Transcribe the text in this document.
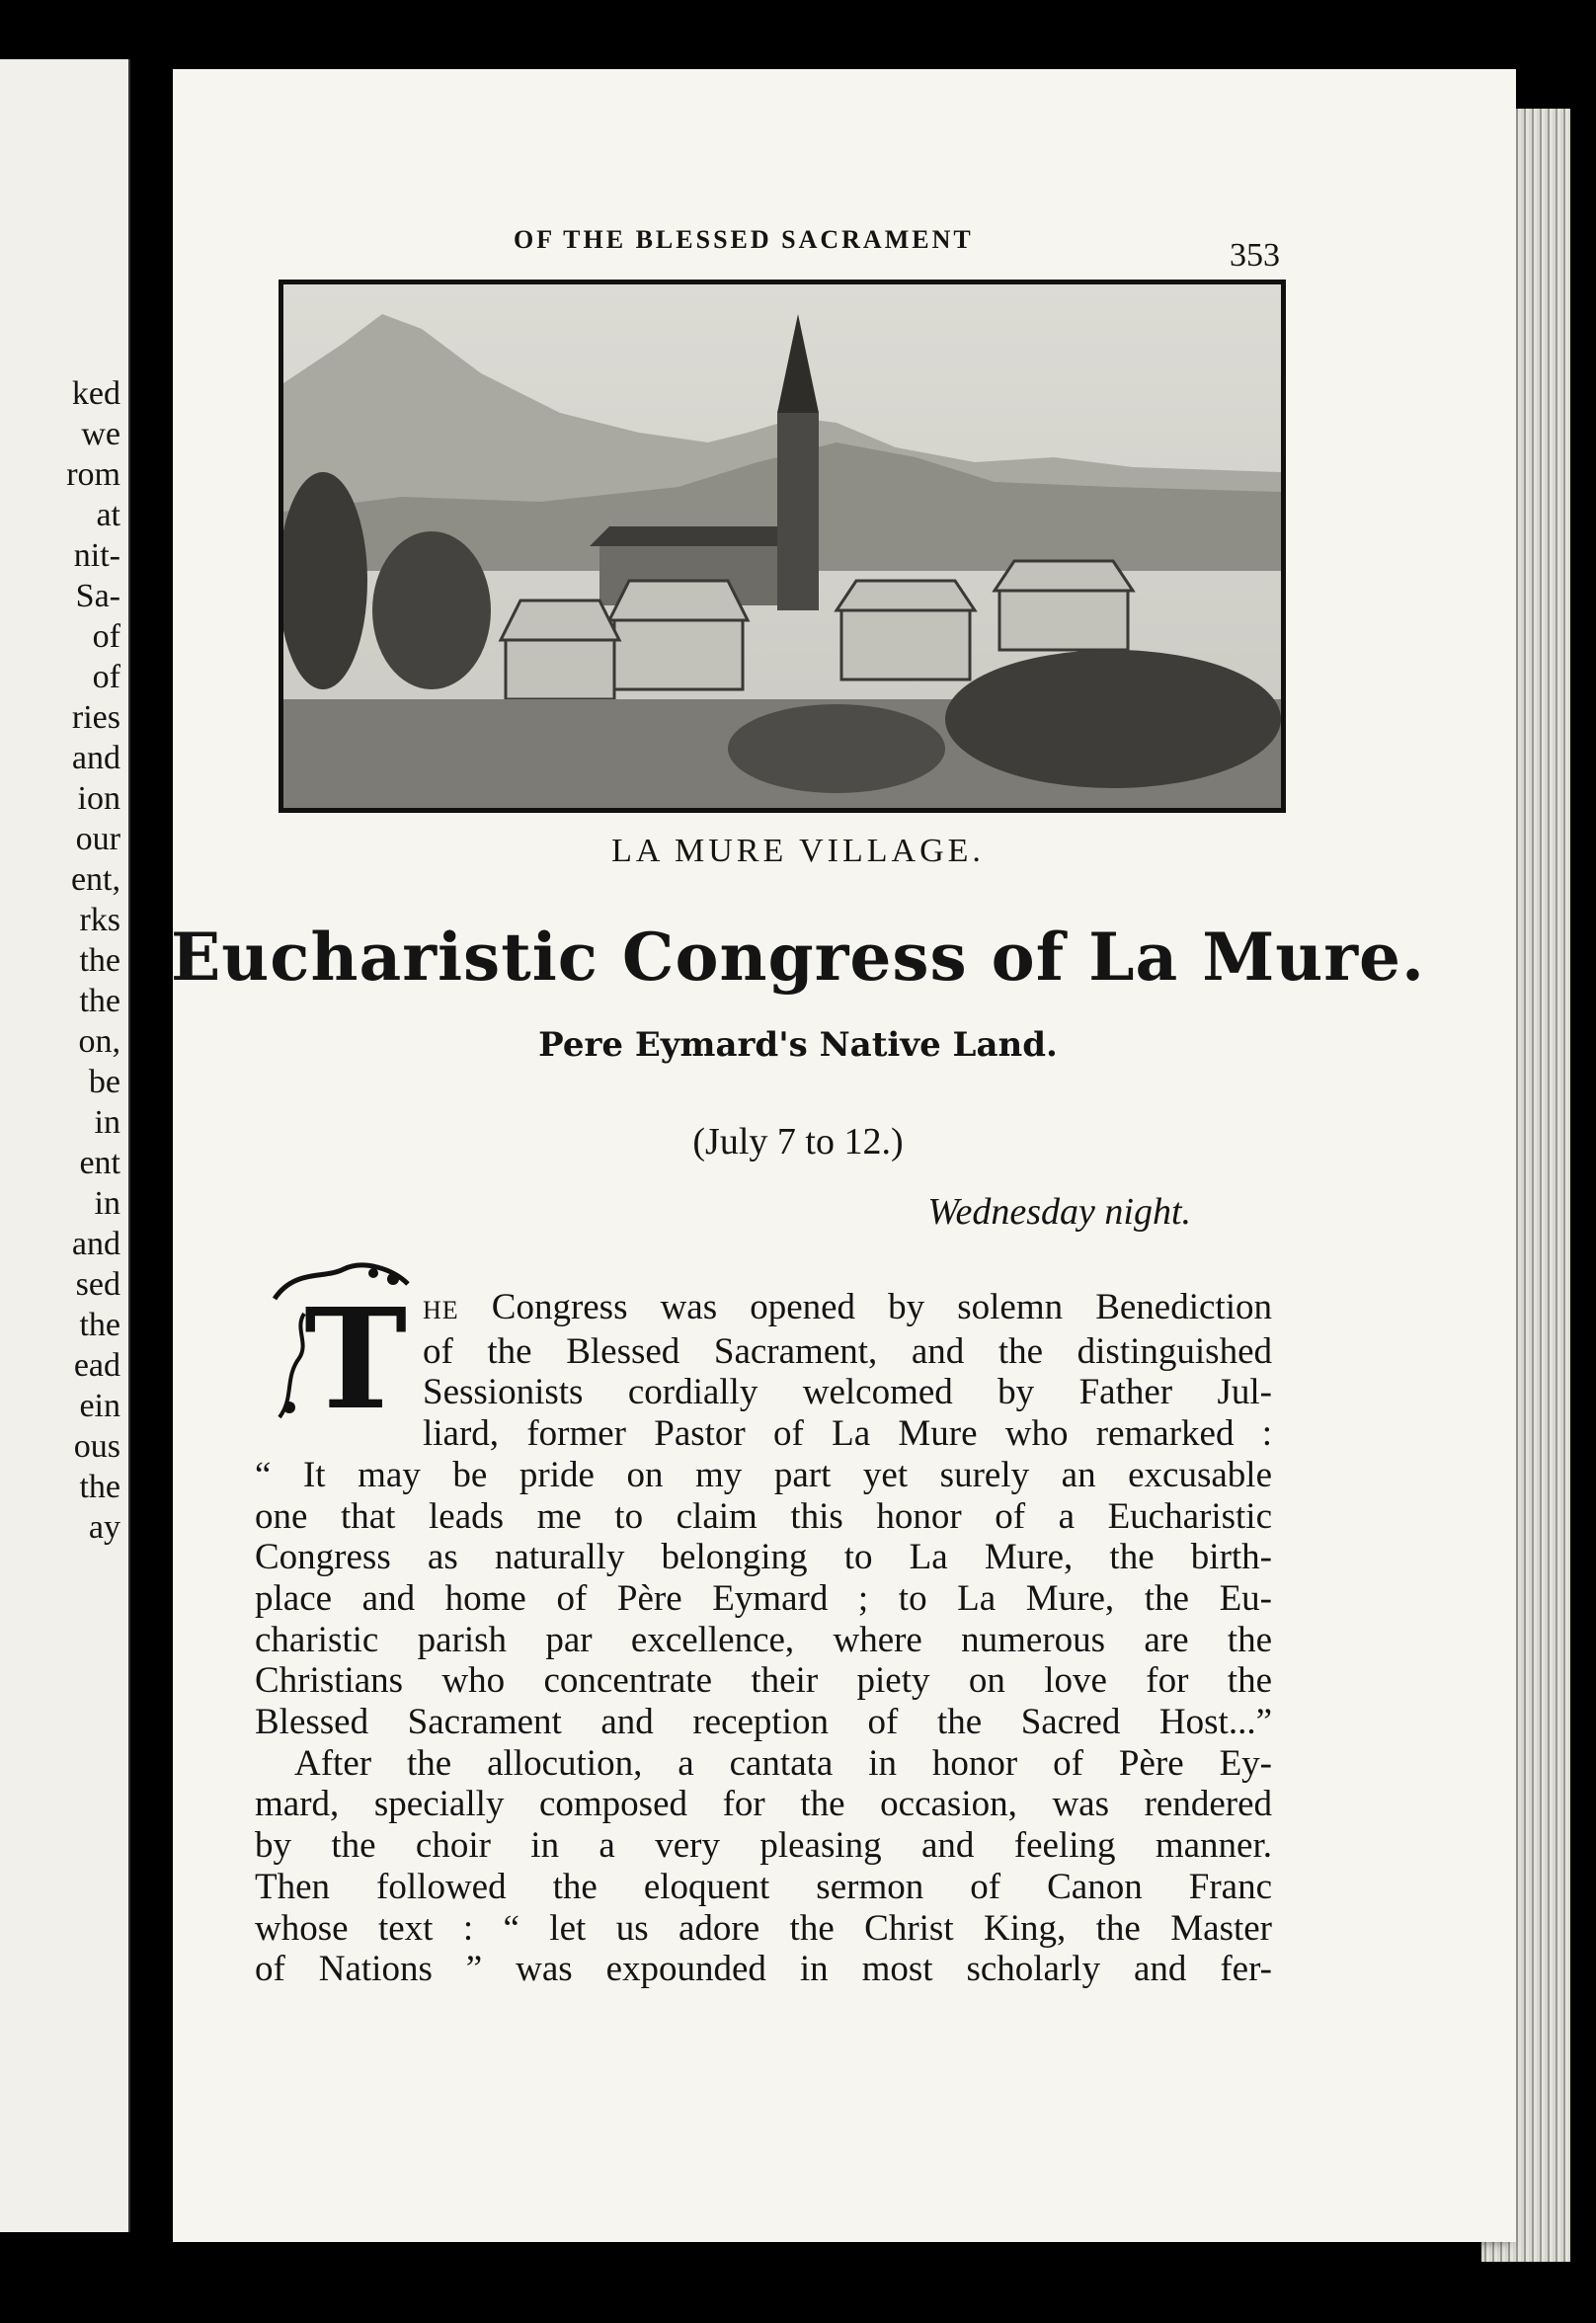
ked
we
rom
at
nit-
Sa-
of
of
ries
and
ion
our
ent,
rks
the
the
on,
be
in
ent
in
and
sed
the
ead
ein
ous
the
ay
OF THE BLESSED SACRAMENT	353
LA MURE VILLAGE.
Eucharistic Congress of La Mure.
Pere Eymard's Native Land.
(July 7 to 12.)
Wednesday night.
T HE Congress was opened by solemn Benediction
of the Blessed Sacrament, and the distinguished
Sessionists cordially welcomed by Father Jul-
liard, former Pastor of La Mure who remarked :
“ It may be pride on my part yet surely an excusable
one that leads me to claim this honor of a Eucharistic
Congress as naturally belonging to La Mure, the birth-
place and home of Père Eymard ; to La Mure, the Eu-
charistic parish par excellence, where numerous are the
Christians who concentrate their piety on love for the
Blessed Sacrament and reception of the Sacred Host...”
After the allocution, a cantata in honor of Père Ey-
mard, specially composed for the occasion, was rendered
by the choir in a very pleasing and feeling manner.
Then followed the eloquent sermon of Canon Franc
whose text : “ let us adore the Christ King, the Master
of Nations ” was expounded in most scholarly and fer-
